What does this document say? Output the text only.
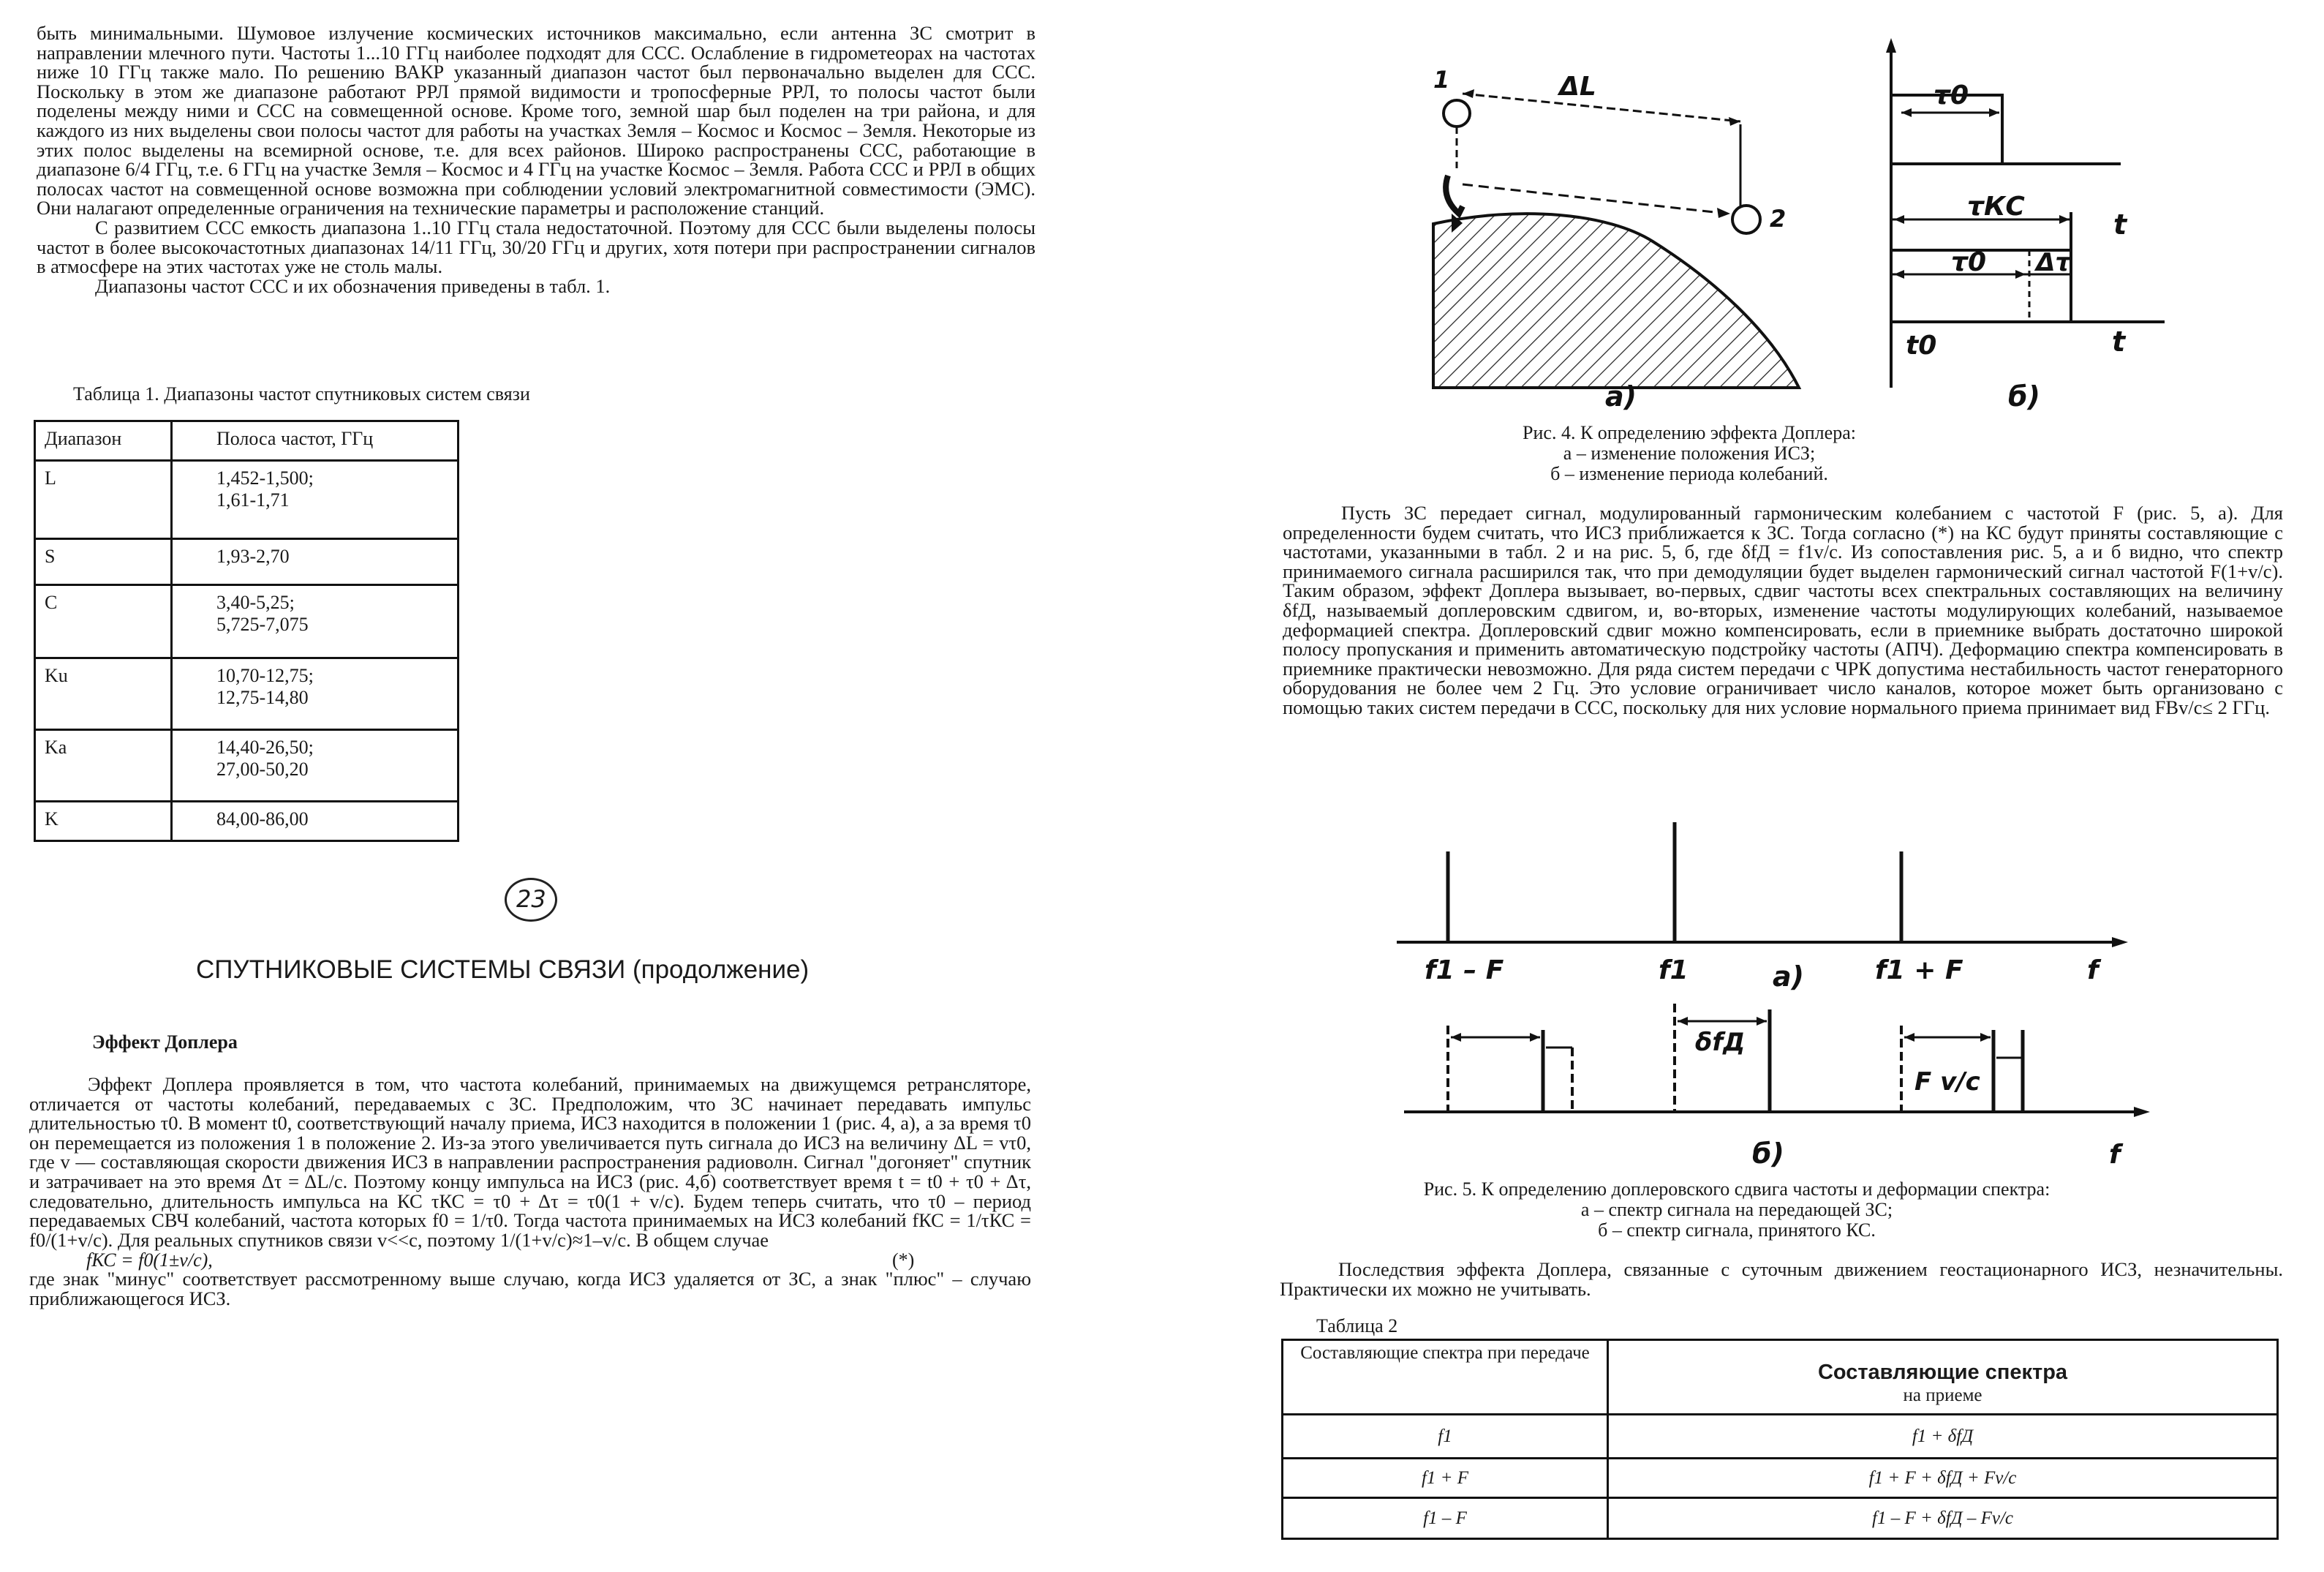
быть минимальными. Шумовое излучение космических источников максимально, если антенна ЗС смотрит в направлении млечного пути. Частоты 1...10 ГГц наиболее подходят для ССС. Ослабление в гидрометеорах на частотах ниже 10 ГГц также мало. По решению ВАКР указанный диапазон частот был первоначально выделен для ССС. Поскольку в этом же диапазоне работают РРЛ прямой видимости и тропосферные РРЛ, то полосы частот были поделены между ними и ССС на совмещенной основе. Кроме того, земной шар был поделен на три района, и для каждого из них выделены свои полосы частот для работы на участках Земля – Космос и Космос – Земля. Некоторые из этих полос выделены на всемирной основе, т.е. для всех районов. Широко распространены ССС, работающие в диапазоне 6/4 ГГц, т.е. 6 ГГц на участке Земля – Космос и 4 ГГц на участке Космос – Земля. Работа ССС и РРЛ в общих полосах частот на совмещенной основе возможна при соблюдении условий электромагнитной совместимости (ЭМС). Они налагают определенные ограничения на технические параметры и расположение станций.

С развитием ССС емкость диапазона 1..10 ГГц стала недостаточной. Поэтому для ССС были выделены полосы частот в более высокочастотных диапазонах 14/11 ГГц, 30/20 ГГц и других, хотя потери при распространении сигналов в атмосфере на этих частотах уже не столь малы.

Диапазоны частот ССС и их обозначения приведены в табл. 1.

Таблица 1. Диапазоны частот спутниковых систем связи
Диапазон	Полоса частот, ГГц
L	1,452-1,500;
1,61-1,71
S	1,93-2,70
C	3,40-5,25;
5,725-7,075
Ku	10,70-12,75;
12,75-14,80
Ka	14,40-26,50;
27,00-50,20
K	84,00-86,00
23
СПУТНИКОВЫЕ СИСТЕМЫ СВЯЗИ (продолжение)
Эффект Доплера

Эффект Доплера проявляется в том, что частота колебаний, принимаемых на движущемся ретрансляторе, отличается от частоты колебаний, передаваемых с ЗС. Предположим, что ЗС начинает передавать импульс длительностью τ0. В момент t0, соответствующий началу приема, ИСЗ находится в положении 1 (рис. 4, а), а за время τ0 он перемещается из положения 1 в положение 2. Из-за этого увеличивается путь сигнала до ИСЗ на величину ΔL = vτ0, где v — составляющая скорости движения ИСЗ в направлении распространения радиоволн. Сигнал "догоняет" спутник и затрачивает на это время Δτ = ΔL/c. Поэтому концу импульса на ИСЗ (рис. 4,б) соответствует время t = t0 + τ0 + Δτ, следовательно, длительность импульса на КС τКС = τ0 + Δτ = τ0(1 + v/c). Будем теперь считать, что τ0 – период передаваемых СВЧ колебаний, частота которых f0 = 1/τ0. Тогда частота принимаемых на ИСЗ колебаний fКС = 1/τКС = f0/(1+v/c). Для реальных спутников связи v<<c, поэтому 1/(1+v/c)≈1–v/c. В общем случае

fКС = f0(1±v/c),	(*)

где знак "минус" соответствует рассмотренному выше случаю, когда ИСЗ удаляется от ЗС, а знак "плюс" – случаю приближающегося ИСЗ.

1
2
ΔL
а)
τ0
τКС
τ0 Δτ
t
t
t0
б)

Рис. 4. К определению эффекта Доплера:

а – изменение положения ИСЗ;

б – изменение периода колебаний.

Пусть ЗС передает сигнал, модулированный гармоническим колебанием с частотой F (рис. 5, а). Для определенности будем считать, что ИСЗ приближается к ЗС. Тогда согласно (*) на КС будут приняты составляющие с частотами, указанными в табл. 2 и на рис. 5, б, где δfД = f1v/c. Из сопоставления рис. 5, а и б видно, что спектр принимаемого сигнала расширился так, что при демодуляции будет выделен гармонический сигнал частотой F(1+v/c). Таким образом, эффект Доплера вызывает, во-первых, сдвиг частоты всех спектральных составляющих на величину δfД, называемый доплеровским сдвигом, и, во-вторых, изменение частоты модулирующих колебаний, называемое деформацией спектра. Доплеровский сдвиг можно компенсировать, если в приемнике выбрать достаточно широкой полосу пропускания и применить автоматическую подстройку частоты (АПЧ). Деформацию спектра компенсировать в приемнике практически невозможно. Для ряда систем передачи с ЧРК допустима нестабильность частот генераторного оборудования не более чем 2 Гц. Это условие ограничивает число каналов, которое может быть организовано с помощью таких систем передачи в ССС, поскольку для них условие нормального приема принимает вид FВv/c≤ 2 ГГц.

f1 – F	f1	f1 + F	f
а)
δfД
F v/c
f
б)

Рис. 5. К определению доплеровского сдвига частоты и деформации спектра:

а – спектр сигнала на передающей ЗС;

б – спектр сигнала, принятого КС.

Последствия эффекта Доплера, связанные с суточным движением геостационарного ИСЗ, незначительны. Практически их можно не учитывать.

Таблица 2
Составляющие спектра при передаче	Составляющие спектра
на приеме

f1	f1 + δfД
f1 + F	f1 + F + δfД + Fv/c
f1 – F	f1 – F + δfД – Fv/c
